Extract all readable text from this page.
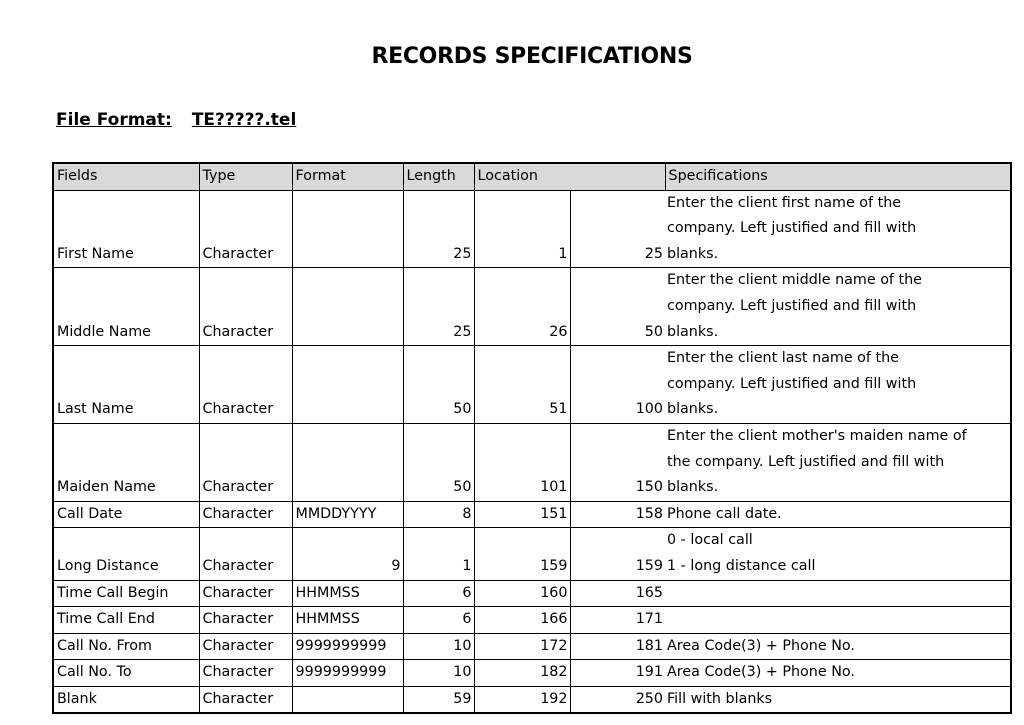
RECORDS SPECIFICATIONS
File Format: TE?????.tel
Fields	Type	Format	Length	Location		Specifications
First Name	Character		25	1	25	Enter the client first name of the
company. Left justified and fill with
blanks.

Middle Name	Character		25	26	50	Enter the client middle name of the
company. Left justified and fill with
blanks.

Last Name	Character		50	51	100	Enter the client last name of the
company. Left justified and fill with
blanks.

Maiden Name	Character		50	101	150	Enter the client mother's maiden name of
the company. Left justified and fill with
blanks.

Call Date	Character	MMDDYYYY	8	151	158	Phone call date.

Long Distance	Character	9	1	159	159	0 - local call
1 - long distance call

Time Call Begin	Character	HHMMSS	6	160	165	

Time Call End	Character	HHMMSS	6	166	171	

Call No. From	Character	9999999999	10	172	181	Area Code(3) + Phone No.

Call No. To	Character	9999999999	10	182	191	Area Code(3) + Phone No.

Blank	Character		59	192	250	Fill with blanks
